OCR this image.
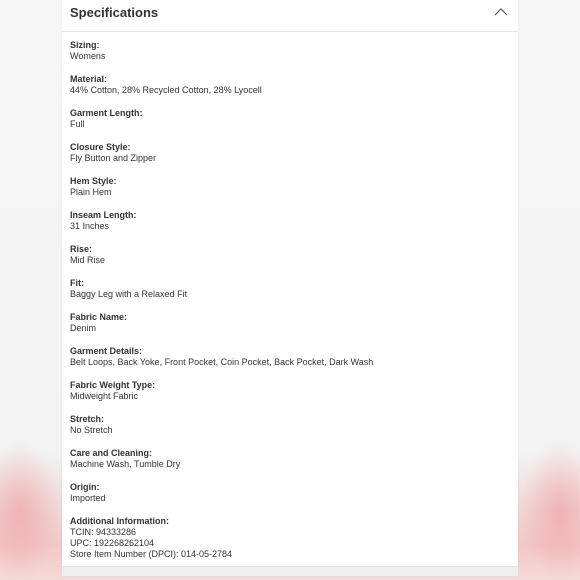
Specifications
Sizing:
Womens
Material:
44% Cotton, 28% Recycled Cotton, 28% Lyocell
Garment Length:
Full
Closure Style:
Fly Button and Zipper
Hem Style:
Plain Hem
Inseam Length:
31 Inches
Rise:
Mid Rise
Fit:
Baggy Leg with a Relaxed Fit
Fabric Name:
Denim
Garment Details:
Belt Loops, Back Yoke, Front Pocket, Coin Pocket, Back Pocket, Dark Wash
Fabric Weight Type:
Midweight Fabric
Stretch:
No Stretch
Care and Cleaning:
Machine Wash, Tumble Dry
Origin:
Imported
Additional Information:
TCIN: 94333286
UPC: 192268262104
Store Item Number (DPCI): 014-05-2784
